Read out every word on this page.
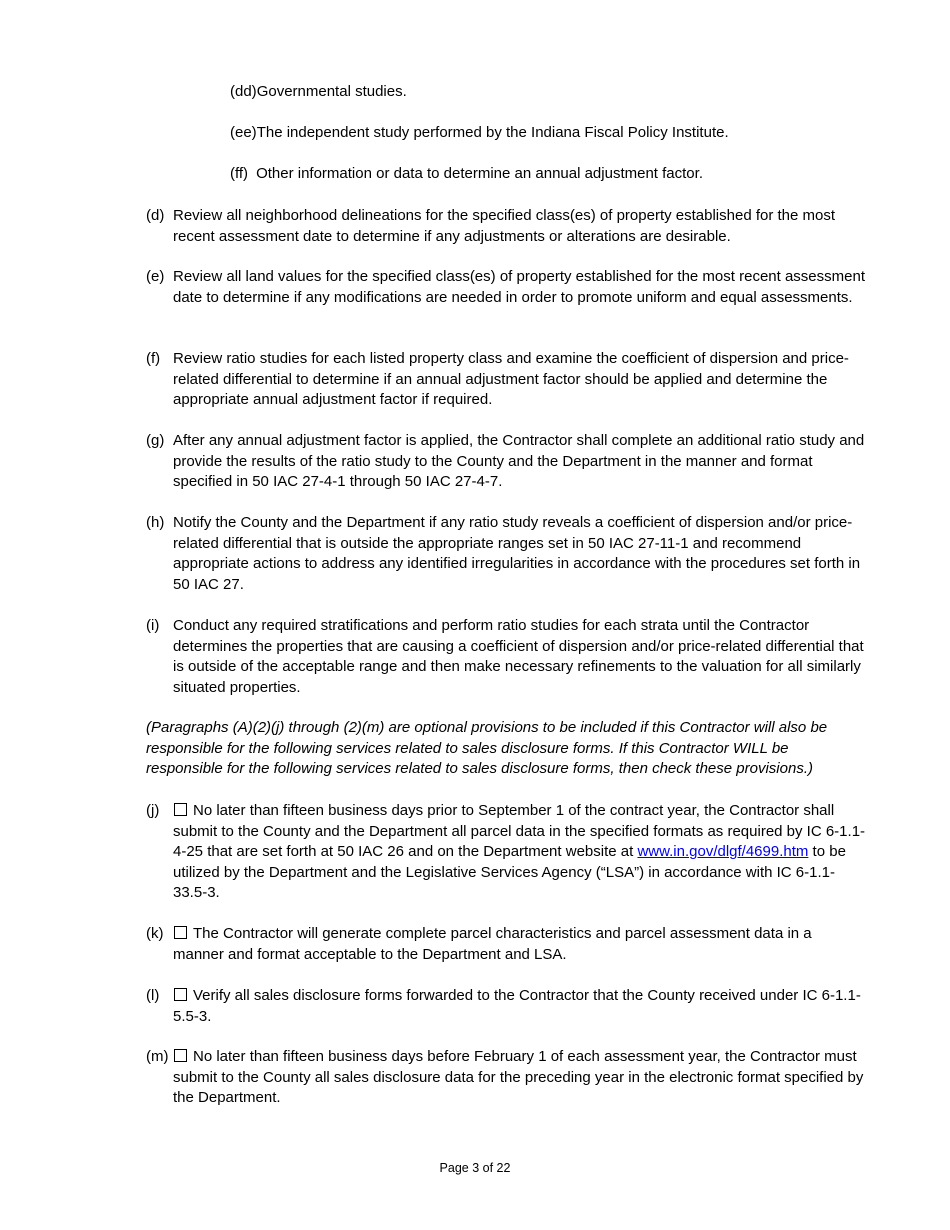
(dd)Governmental studies.
(ee)The independent study performed by the Indiana Fiscal Policy Institute.
(ff) Other information or data to determine an annual adjustment factor.
(d) Review all neighborhood delineations for the specified class(es) of property established for the most recent assessment date to determine if any adjustments or alterations are desirable.
(e) Review all land values for the specified class(es) of property established for the most recent assessment date to determine if any modifications are needed in order to promote uniform and equal assessments.
(f) Review ratio studies for each listed property class and examine the coefficient of dispersion and price-related differential to determine if an annual adjustment factor should be applied and determine the appropriate annual adjustment factor if required.
(g) After any annual adjustment factor is applied, the Contractor shall complete an additional ratio study and provide the results of the ratio study to the County and the Department in the manner and format specified in 50 IAC 27-4-1 through 50 IAC 27-4-7.
(h) Notify the County and the Department if any ratio study reveals a coefficient of dispersion and/or price-related differential that is outside the appropriate ranges set in 50 IAC 27-11-1 and recommend appropriate actions to address any identified irregularities in accordance with the procedures set forth in 50 IAC 27.
(i) Conduct any required stratifications and perform ratio studies for each strata until the Contractor determines the properties that are causing a coefficient of dispersion and/or price-related differential that is outside of the acceptable range and then make necessary refinements to the valuation for all similarly situated properties.
(Paragraphs (A)(2)(j) through (2)(m) are optional provisions to be included if this Contractor will also be responsible for the following services related to sales disclosure forms. If this Contractor WILL be responsible for the following services related to sales disclosure forms, then check these provisions.)
(j)	No later than fifteen business days prior to September 1 of the contract year, the Contractor shall submit to the County and the Department all parcel data in the specified formats as required by IC 6-1.1-4-25 that are set forth at 50 IAC 26 and on the Department website at www.in.gov/dlgf/4699.htm to be utilized by the Department and the Legislative Services Agency (“LSA”) in accordance with IC 6-1.1-33.5-3.
(k)	The Contractor will generate complete parcel characteristics and parcel assessment data in a manner and format acceptable to the Department and LSA.
(l)	Verify all sales disclosure forms forwarded to the Contractor that the County received under IC 6-1.1-5.5-3.
(m)	No later than fifteen business days before February 1 of each assessment year, the Contractor must submit to the County all sales disclosure data for the preceding year in the electronic format specified by the Department.
Page 3 of 22
